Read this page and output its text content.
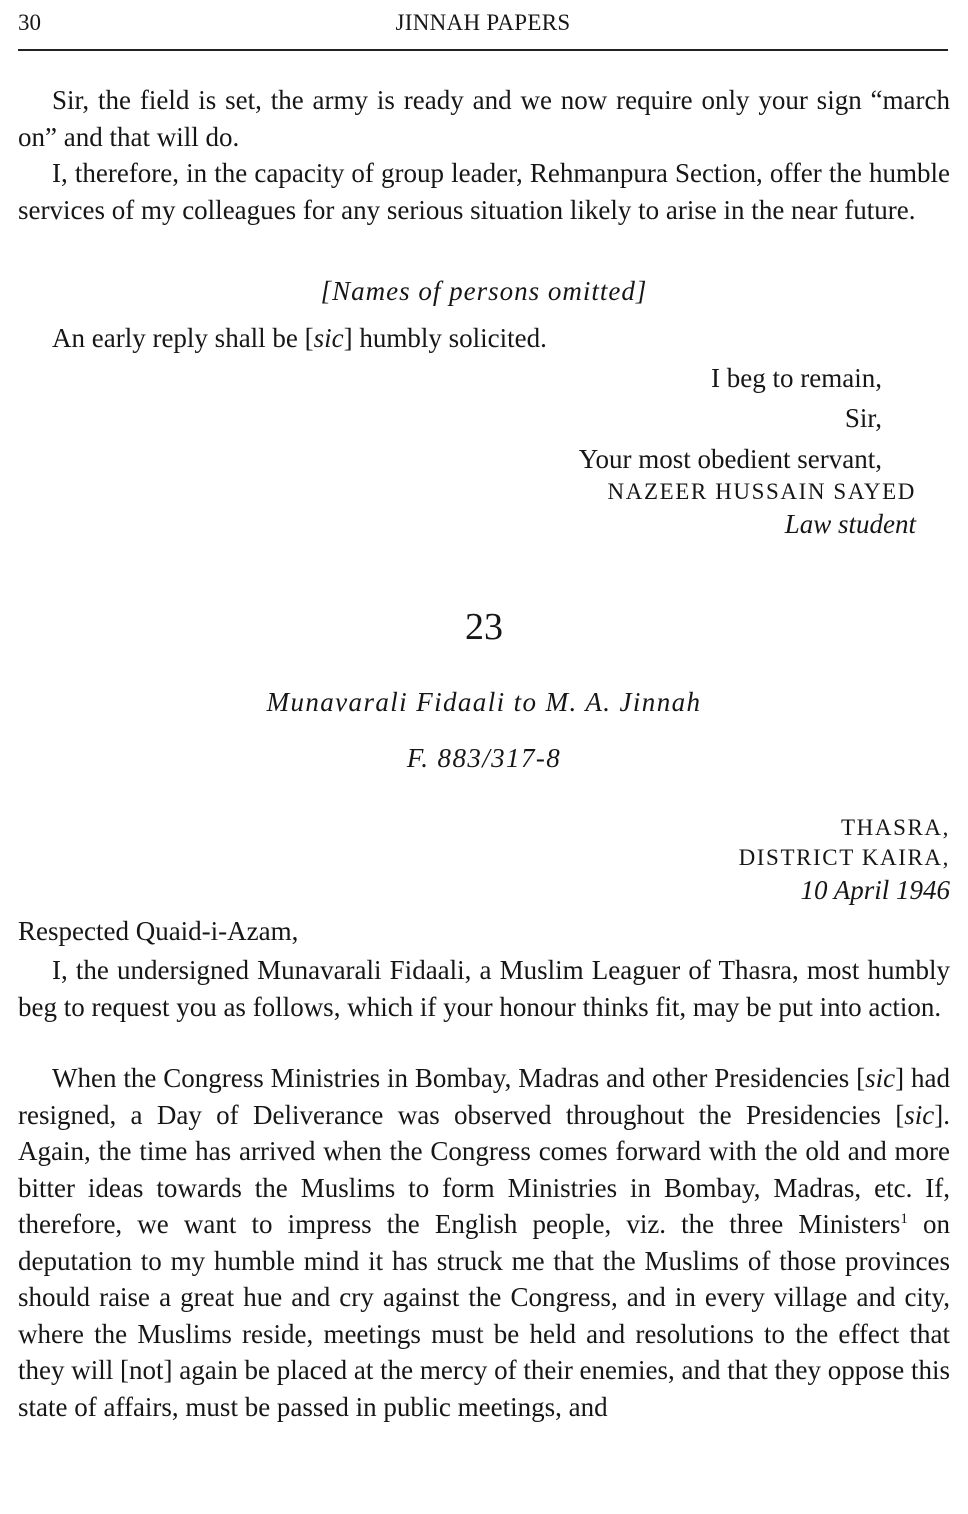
30	JINNAH PAPERS

Sir, the field is set, the army is ready and we now require only your sign “march on” and that will do.

I, therefore, in the capacity of group leader, Rehmanpura Section, offer the humble services of my colleagues for any serious situation likely to arise in the near future.

[Names of persons omitted]

An early reply shall be [sic] humbly solicited.

I beg to remain,
Sir,
Your most obedient servant,
NAZEER HUSSAIN SAYED
Law student
23
Munavarali Fidaali to M. A. Jinnah
F. 883/317-8
THASRA,
DISTRICT KAIRA,
10 April 1946
Respected Quaid-i-Azam,

I, the undersigned Munavarali Fidaali, a Muslim Leaguer of Thasra, most humbly beg to request you as follows, which if your honour thinks fit, may be put into action.

When the Congress Ministries in Bombay, Madras and other Presidencies [sic] had resigned, a Day of Deliverance was observed throughout the Presidencies [sic]. Again, the time has arrived when the Congress comes forward with the old and more bitter ideas towards the Muslims to form Ministries in Bombay, Madras, etc. If, therefore, we want to impress the English people, viz. the three Ministers$^1$ on deputation to my humble mind it has struck me that the Muslims of those provinces should raise a great hue and cry against the Congress, and in every village and city, where the Muslims reside, meetings must be held and resolutions to the effect that they will [not] again be placed at the mercy of their enemies, and that they oppose this state of affairs, must be passed in public meetings, and
